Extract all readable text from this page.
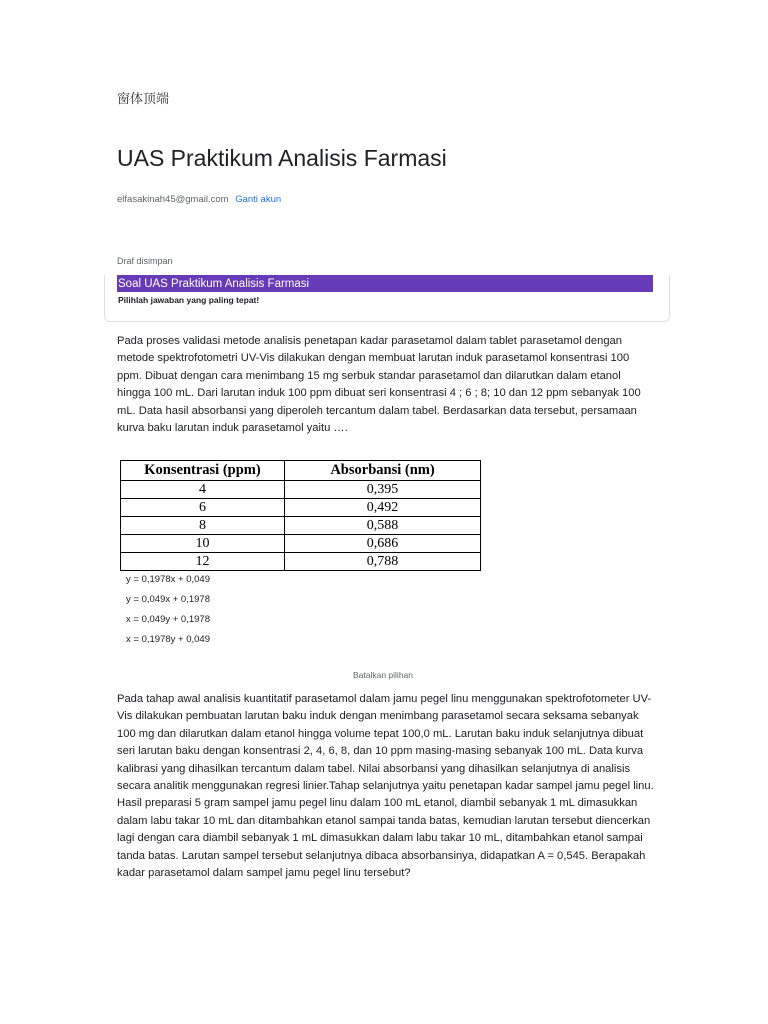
窗体顶端
UAS Praktikum Analisis Farmasi
elfasakinah45@gmail.com Ganti akun
Draf disimpan
Soal UAS Praktikum Analisis Farmasi
Pilihlah jawaban yang paling tepat!
Pada proses validasi metode analisis penetapan kadar parasetamol dalam tablet parasetamol dengan metode spektrofotometri UV-Vis dilakukan dengan membuat larutan induk parasetamol konsentrasi 100 ppm. Dibuat dengan cara menimbang 15 mg serbuk standar parasetamol dan dilarutkan dalam etanol hingga 100 mL. Dari larutan induk 100 ppm dibuat seri konsentrasi 4 ; 6 ; 8; 10 dan 12 ppm sebanyak 100 mL. Data hasil absorbansi yang diperoleh tercantum dalam tabel. Berdasarkan data tersebut, persamaan kurva baku larutan induk parasetamol yaitu ….
Konsentrasi (ppm)	Absorbansi (nm)
4	0,395
6	0,492
8	0,588
10	0,686
12	0,788
y = 0,1978x + 0,049
y = 0,049x + 0,1978
x = 0,049y + 0,1978
x = 0,1978y + 0,049
Batalkan pilihan
Pada tahap awal analisis kuantitatif parasetamol dalam jamu pegel linu menggunakan spektrofotometer UV-Vis dilakukan pembuatan larutan baku induk dengan menimbang parasetamol secara seksama sebanyak 100 mg dan dilarutkan dalam etanol hingga volume tepat 100,0 mL. Larutan baku induk selanjutnya dibuat seri larutan baku dengan konsentrasi 2, 4, 6, 8, dan 10 ppm masing-masing sebanyak 100 mL. Data kurva kalibrasi yang dihasilkan tercantum dalam tabel. Nilai absorbansi yang dihasilkan selanjutnya di analisis secara analitik menggunakan regresi linier.Tahap selanjutnya yaitu penetapan kadar sampel jamu pegel linu. Hasil preparasi 5 gram sampel jamu pegel linu dalam 100 mL etanol, diambil sebanyak 1 mL dimasukkan dalam labu takar 10 mL dan ditambahkan etanol sampai tanda batas, kemudian larutan tersebut diencerkan lagi dengan cara diambil sebanyak 1 mL dimasukkan dalam labu takar 10 mL, ditambahkan etanol sampai tanda batas. Larutan sampel tersebut selanjutnya dibaca absorbansinya, didapatkan A = 0,545. Berapakah kadar parasetamol dalam sampel jamu pegel linu tersebut?
